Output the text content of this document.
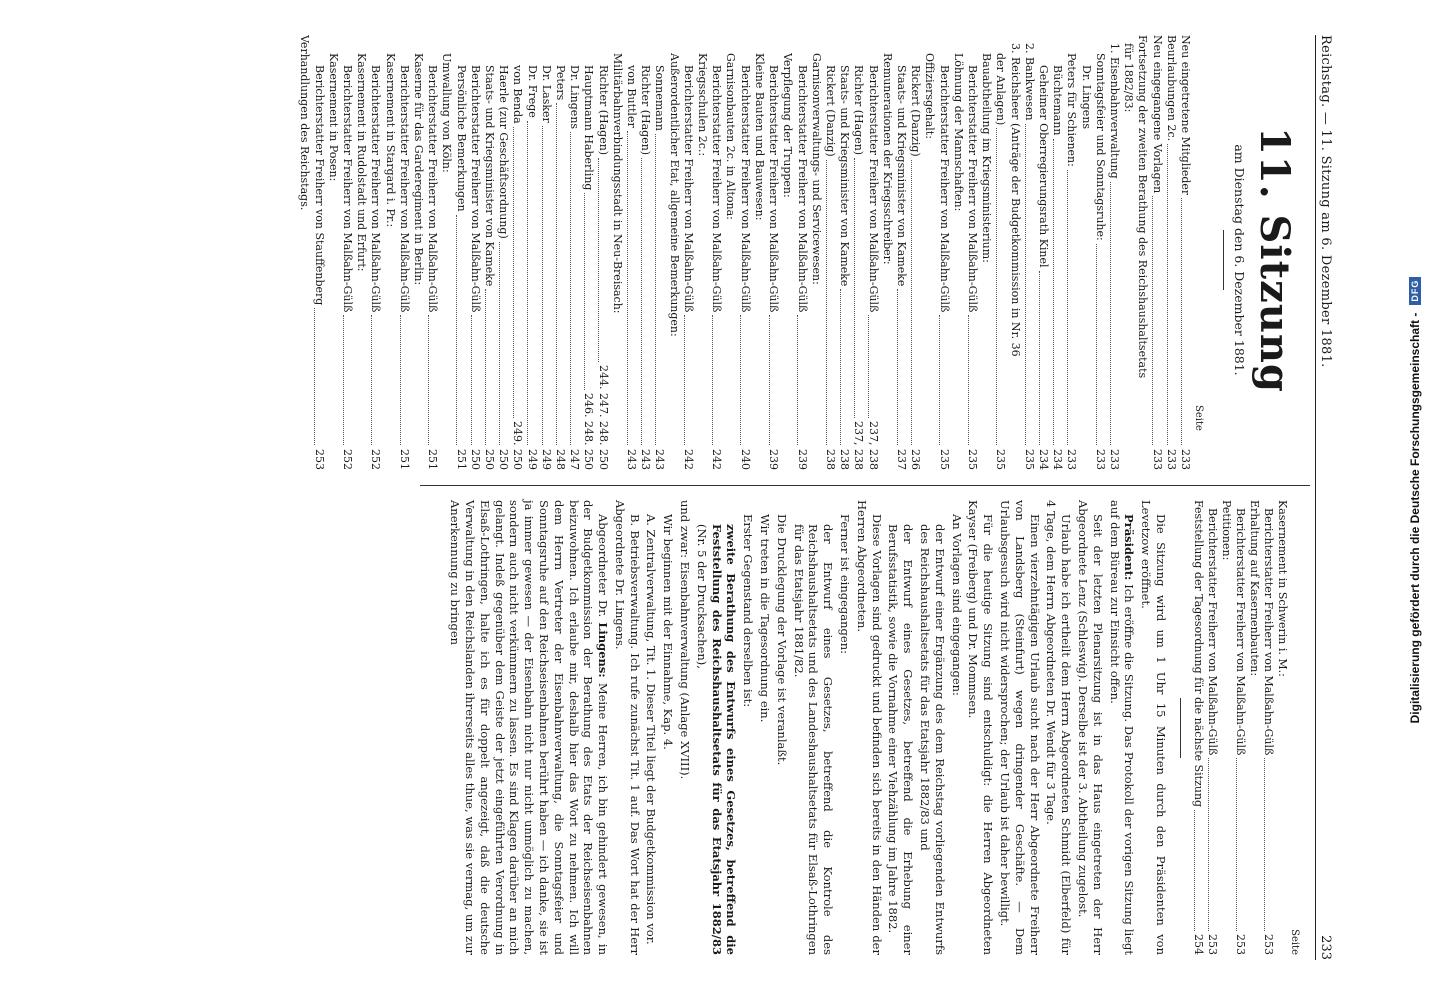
Digitalisierung gefördert durch die Deutsche Forschungsgemeinschaft -
DFG
Reichstag. — 11. Sitzung am 6. Dezember 1881.
233
11. Sitzung
am Dienstag den 6. Dezember 1881.
Seite
Neu eingetretene Mitglieder
233
Beurlaubungen 2c.
233
Neu eingegangene Vorlagen
233
Fortsetzung der zweiten Berathung des Reichshaushaltsetats
für 1882/83:
1. Eisenbahnverwaltung
233
Sonntagsfeier und Sonntagsruhe:
233
Dr. Lingens
Peters für Schienen:
233
Büchtemann
234
Geheimer Oberregierungsrath Kinel
234
2. Bankwesen
235
3. Reichsheer (Anträge der Budgetkommission in Nr. 36
der Anlagen)
235
Bauabtheilung im Kriegsministerium:
Berichterstatter Freiherr von Malßahn-Gülß
235
Löhnung der Mannschaften:
Berichterstatter Freiherr von Malßahn-Gülß
235
Offiziersgehalt:
Rickert (Danzig)
236
Staats- und Kriegsminister von Kameke
237
Remunerationen der Kriegsschreiber:
Berichterstatter Freiherr von Malßahn-Gülß
237, 238
Richter (Hagen)
237, 238
Staats- und Kriegsminister von Kameke
238
Rickert (Danzig)
238
Garnisonverwaltungs- und Servicewesen:
Berichterstatter Freiherr von Malßahn-Gülß
239
Verpflegung der Truppen:
Berichterstatter Freiherr von Malßahn-Gülß
239
Kleine Bauten und Bauwesen:
Berichterstatter Freiherr von Malßahn-Gülß
240
Garnisonbauten 2c. in Altona:
Berichterstatter Freiherr von Malßahn-Gülß
242
Kriegsschulen 2c.:
Berichterstatter Freiherr von Malßahn-Gülß
242
Außerordentlicher Etat, allgemeine Bemerkungen:
Sonnemann
243
Richter (Hagen)
243
von Buttler
243
Militärbahnverbindungsstadt in Neu-Breisach:
Richter (Hagen)
244. 247. 248. 250
Hauptmann Haberling
246. 248. 250
Dr. Lingens
247
Peters
248
Dr. Lasker
249
Dr. Frege
249
von Benda
249. 250
Haerle (zur Geschäftsordnung)
250
Staats- und Kriegsminister von Kameke
250
Berichterstatter Freiherr von Malßahn-Gülß
250
Persönliche Bemerkungen
251
Umwallung von Köln:
Berichterstatter Freiherr von Malßahn-Gülß
251
Kaserne für das Garderegiment in Berlin:
Berichterstatter Freiherr von Malßahn-Gülß
251
Kasernement in Stargard i. Pr.:
Berichterstatter Freiherr von Malßahn-Gülß
252
Kasernement in Rudolstadt und Erfurt:
Berichterstatter Freiherr von Malßahn-Gülß
252
Kasernement in Posen:
Berichterstatter Freiherr von Stauffenberg
253
Verhandlungen des Reichstags.
Seite
Kasernement in Schwerin i. M.:
Berichterstatter Freiherr von Malßahn-Gülß
253
Erhaltung auf Kasernenbauten:
Berichterstatter Freiherr von Malßahn-Gülß
253
Petitionen:
Berichterstatter Freiherr von Malßahn-Gülß
253
Feststellung der Tagesordnung für die nächste Sitzung
254

Die Sitzung wird um 1 Uhr 15 Minuten durch den Präsidenten von Levetzow eröffnet.

Präsident: Ich eröffne die Sitzung. Das Protokoll der vorigen Sitzung liegt auf dem Büreau zur Einsicht offen.

Seit der letzten Plenarsitzung ist in das Haus eingetreten der Herr Abgeordnete Lenz (Schleswig). Derselbe ist der 3. Abtheilung zugelost.

Urlaub habe ich ertheilt dem Herrn Abgeordneten Schmidt (Elberfeld) für 4 Tage, dem Herrn Abgeordneten Dr. Wendt für 3 Tage.

Einen vierzehntägigen Urlaub sucht nach der Herr Abgeordnete Freiherr von Landsberg (Steinfurt) wegen dringender Geschäfte. — Dem Urlaubsgesuch wird nicht widersprochen; der Urlaub ist daher bewilligt.

Für die heutige Sitzung sind entschuldigt: die Herren Abgeordneten Kayser (Freiberg) und Dr. Mommsen.

An Vorlagen sind eingegangen:

der Entwurf einer Ergänzung des dem Reichstag vorliegenden Entwurfs des Reichshaushaltsetats für das Etatsjahr 1882/83 und

der Entwurf eines Gesetzes, betreffend die Erhebung einer Berufsstatistik, sowie die Vornahme einer Viehzählung im Jahre 1882.

Diese Vorlagen sind gedruckt und befinden sich bereits in den Händen der Herren Abgeordneten.

Ferner ist eingegangen:

der Entwurf eines Gesetzes, betreffend die Kontrole des Reichshaushaltsetats und des Landeshaushaltsetats für Elsaß-Lothringen für das Etatsjahr 1881/82.

Die Drucklegung der Vorlage ist veranlaßt.

Wir treten in die Tagesordnung ein.

Erster Gegenstand derselben ist:

zweite Berathung des Entwurfs eines Gesetzes, betreffend die Feststellung des Reichshaushaltsetats für das Etatsjahr 1882/83 (Nr. 5 der Drucksachen),

und zwar: Eisenbahnverwaltung (Anlage XVIII).

Wir beginnen mit der Einnahme, Kap. 4.

A. Zentralverwaltung, Tit. 1. Dieser Titel liegt der Budgetkommission vor.

B. Betriebsverwaltung. Ich rufe zunächst Tit. 1 auf. Das Wort hat der Herr Abgeordnete Dr. Lingens.

Abgeordneter Dr. Lingens: Meine Herren, ich bin gehindert gewesen, in der Budgetkommission der Berathung des Etats der Reichseisenbahnen beizuwohnen. Ich erlaube mir, deshalb hier das Wort zu nehmen. Ich will dem Herrn Vertreter der Eisenbahnverwaltung, die Sonntagsfeier und Sonntagsruhe auf den Reichseisenbahnen berührt haben — ich danke, sie ist ja immer gewesen — der Eisenbahn nicht nur nicht unmöglich zu machen, sondern auch nicht verkümmern zu lassen. Es sind Klagen darüber an mich gelangt. Indeß gegenüber dem Geiste der jetzt eingeführten Verordnung in Elsaß-Lothringen, halte ich es für doppelt angezeigt, daß die deutsche Verwaltung in den Reichslanden ihrerseits alles thue, was sie vermag, um zur Anerkennung zu bringen
